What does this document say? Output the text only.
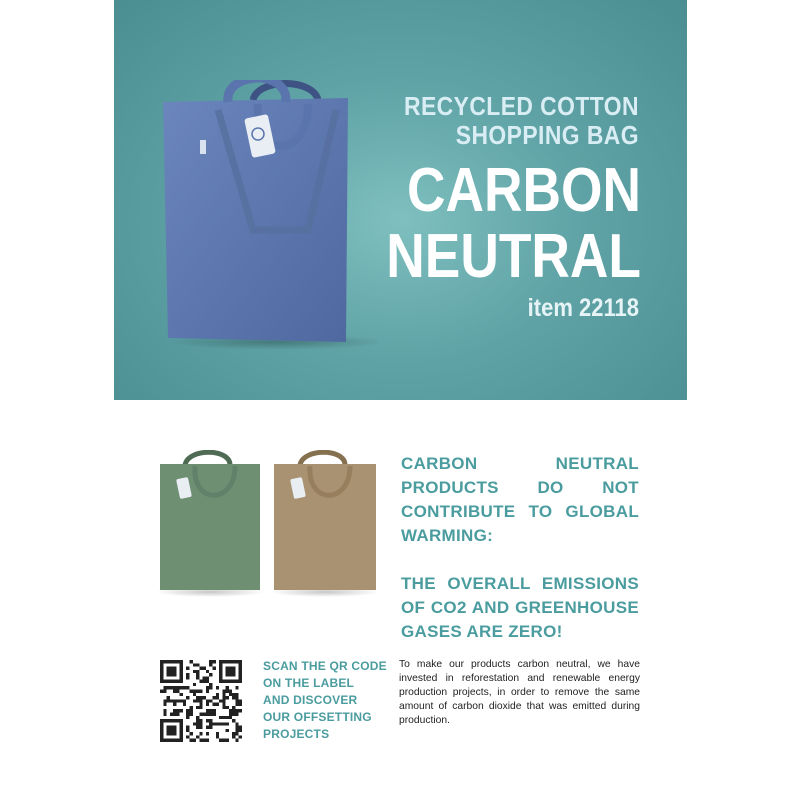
RECYCLED COTTON
SHOPPING BAG
CARBON
NEUTRAL
item 22118

CARBON NEUTRAL PRODUCTS DO NOT CONTRIBUTE TO GLOBAL WARMING:

THE OVERALL EMISSIONS OF CO2 AND GREENHOUSE GASES ARE ZERO!

SCAN THE QR CODE
ON THE LABEL
AND DISCOVER
OUR OFFSETTING
PROJECTS
To make our products carbon neutral, we have invested in reforestation and renewable energy production projects, in order to remove the same amount of carbon dioxide that was emitted during production.
